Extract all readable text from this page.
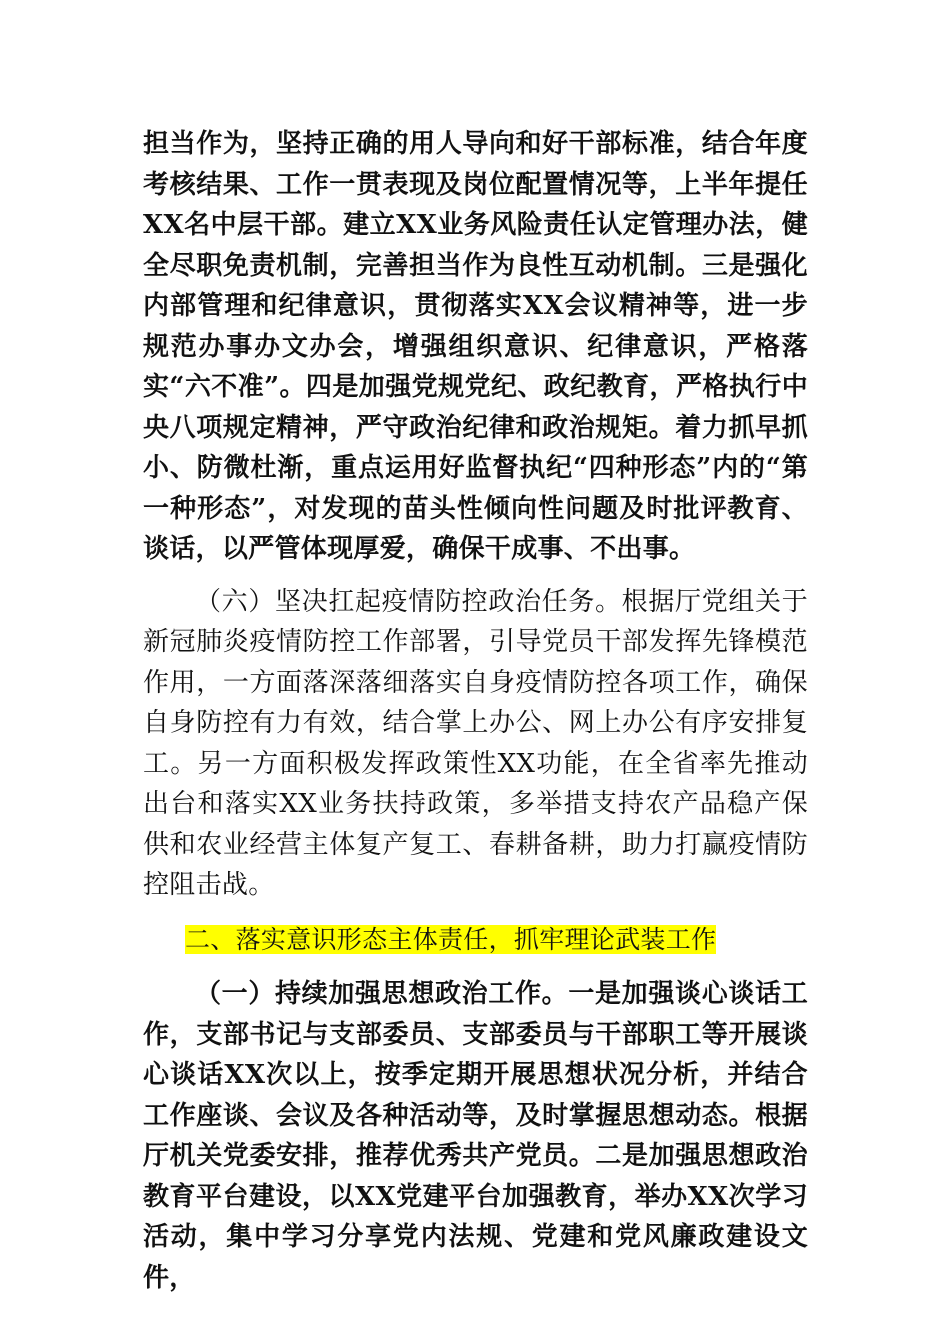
担当作为，坚持正确的用人导向和好干部标准，结合年度考核结果、工作一贯表现及岗位配置情况等，上半年提任XX名中层干部。建立XX业务风险责任认定管理办法，健全尽职免责机制，完善担当作为良性互动机制。三是强化内部管理和纪律意识，贯彻落实XX会议精神等，进一步规范办事办文办会，增强组织意识、纪律意识，严格落实“六不准”。四是加强党规党纪、政纪教育，严格执行中央八项规定精神，严守政治纪律和政治规矩。着力抓早抓小、防微杜渐，重点运用好监督执纪“四种形态”内的“第一种形态”，对发现的苗头性倾向性问题及时批评教育、谈话，以严管体现厚爱，确保干成事、不出事。

（六）坚决扛起疫情防控政治任务。根据厅党组关于新冠肺炎疫情防控工作部署，引导党员干部发挥先锋模范作用，一方面落深落细落实自身疫情防控各项工作，确保自身防控有力有效，结合掌上办公、网上办公有序安排复工。另一方面积极发挥政策性XX功能，在全省率先推动出台和落实XX业务扶持政策，多举措支持农产品稳产保供和农业经营主体复产复工、春耕备耕，助力打赢疫情防控阻击战。

二、落实意识形态主体责任，抓牢理论武装工作

（一）持续加强思想政治工作。一是加强谈心谈话工作，支部书记与支部委员、支部委员与干部职工等开展谈心谈话XX次以上，按季定期开展思想状况分析，并结合工作座谈、会议及各种活动等，及时掌握思想动态。根据厅机关党委安排，推荐优秀共产党员。二是加强思想政治教育平台建设，以XX党建平台加强教育，举办XX次学习活动，集中学习分享党内法规、党建和党风廉政建设文件，
